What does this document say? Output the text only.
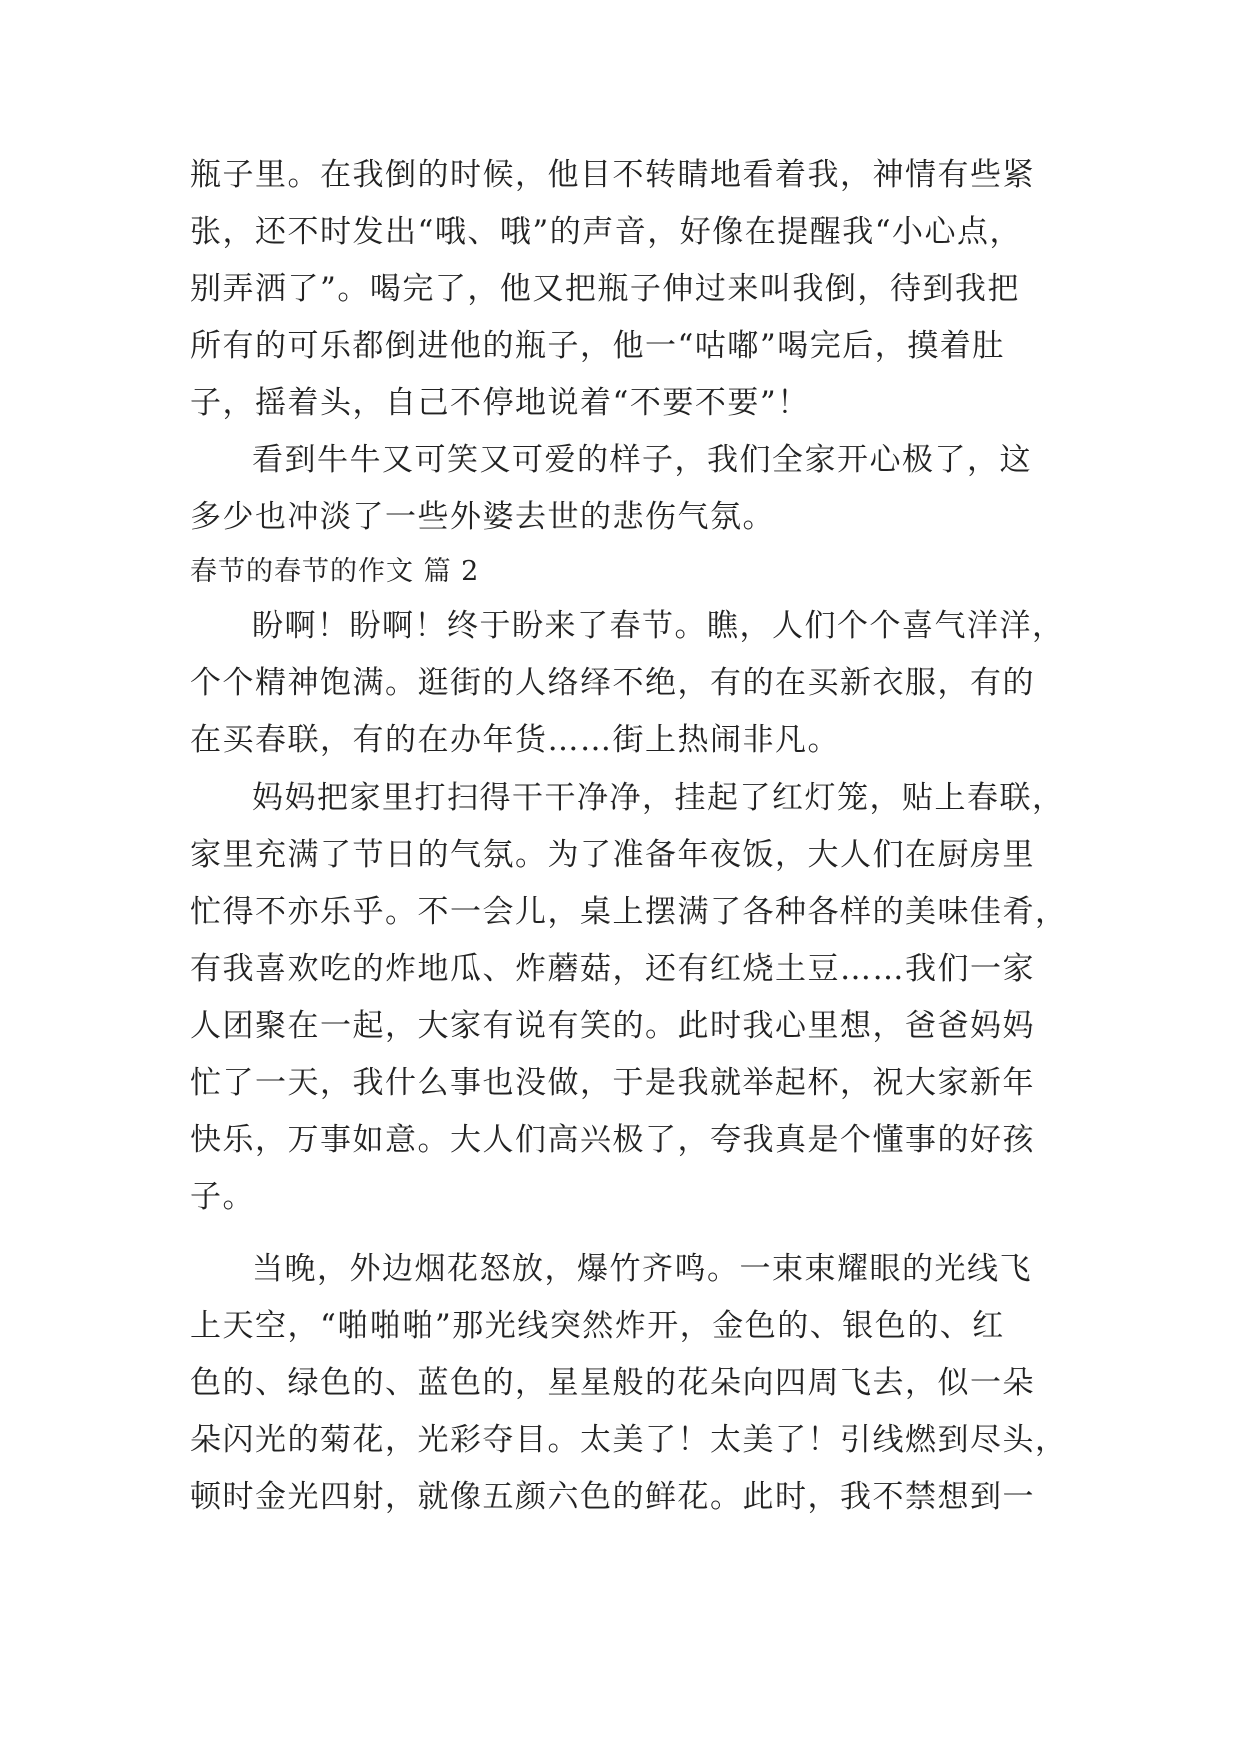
瓶子里。在我倒的时候，他目不转睛地看着我，神情有些紧
张，还不时发出“哦、哦”的声音，好像在提醒我“小心点，
别弄洒了”。喝完了，他又把瓶子伸过来叫我倒，待到我把
所有的可乐都倒进他的瓶子，他一“咕嘟”喝完后，摸着肚
子，摇着头，自己不停地说着“不要不要”！
看到牛牛又可笑又可爱的样子，我们全家开心极了，这
多少也冲淡了一些外婆去世的悲伤气氛。
春节的春节的作文 篇 2
盼啊！盼啊！终于盼来了春节。瞧，人们个个喜气洋洋，
个个精神饱满。逛街的人络绎不绝，有的在买新衣服，有的
在买春联，有的在办年货……街上热闹非凡。
妈妈把家里打扫得干干净净，挂起了红灯笼，贴上春联，
家里充满了节日的气氛。为了准备年夜饭，大人们在厨房里
忙得不亦乐乎。不一会儿，桌上摆满了各种各样的美味佳肴，
有我喜欢吃的炸地瓜、炸蘑菇，还有红烧土豆……我们一家
人团聚在一起，大家有说有笑的。此时我心里想，爸爸妈妈
忙了一天，我什么事也没做，于是我就举起杯，祝大家新年
快乐，万事如意。大人们高兴极了，夸我真是个懂事的好孩
子。
当晚，外边烟花怒放，爆竹齐鸣。一束束耀眼的光线飞
上天空，“啪啪啪”那光线突然炸开，金色的、银色的、红
色的、绿色的、蓝色的，星星般的花朵向四周飞去，似一朵
朵闪光的菊花，光彩夺目。太美了！太美了！引线燃到尽头，
顿时金光四射，就像五颜六色的鲜花。此时，我不禁想到一
